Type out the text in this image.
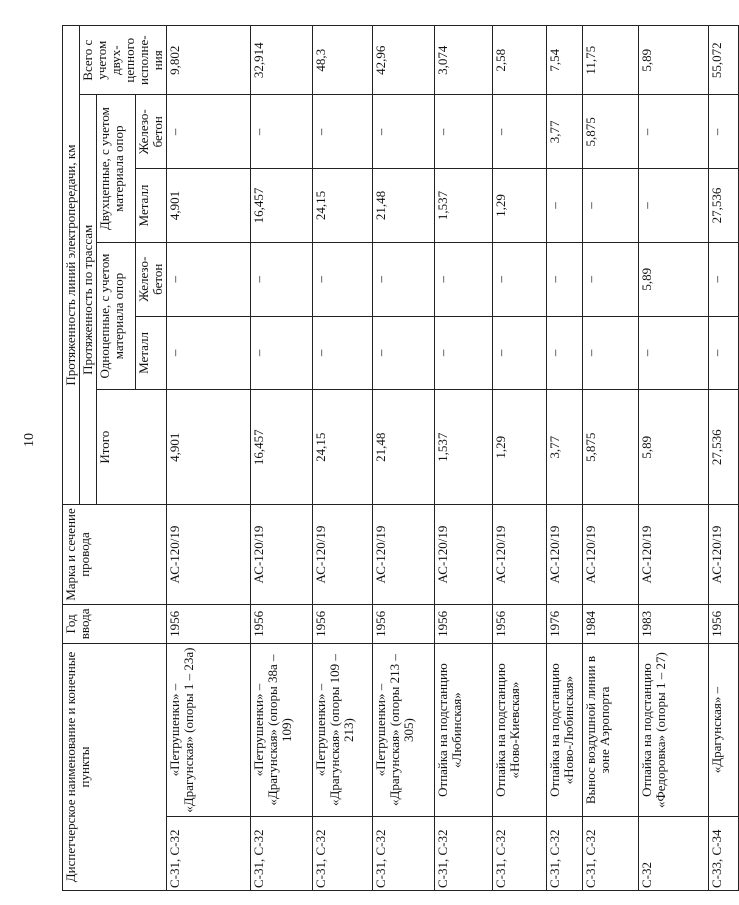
10
Диспетчерское наименование и конечные пункты		Год ввода	Марка и сечение провода	Протяженность линий электропередачи, км					
				Протяженность по трассам					Всего с учетом двух-цепного исполне-ния
				Итого	Одноцепные, с учетом материала опор		Двухцепные, с учетом материала опор		
					Металл	Железо-бетон	Металл	Железо-бетон	
С-31, С-32	«Петрушенки» – «Драгунская» (опоры 1 – 23а)	1956	АС-120/19	4,901	–	–	4,901	–	9,802
С-31, С-32	«Петрушенки» – «Драгунская» (опоры 38а – 109)	1956	АС-120/19	16,457	–	–	16,457	–	32,914
С-31, С-32	«Петрушенки» – «Драгунская» (опоры 109 – 213)	1956	АС-120/19	24,15	–	–	24,15	–	48,3
С-31, С-32	«Петрушенки» – «Драгунская» (опоры 213 – 305)	1956	АС-120/19	21,48	–	–	21,48	–	42,96
С-31, С-32	Отпайка на подстанцию «Любинская»	1956	АС-120/19	1,537	–	–	1,537	–	3,074
С-31, С-32	Отпайка на подстанцию «Ново-Киевская»	1956	АС-120/19	1,29	–	–	1,29	–	2,58
С-31, С-32	Отпайка на подстанцию «Ново-Любинская»	1976	АС-120/19	3,77	–	–	–	3,77	7,54
С-31, С-32	Вынос воздушной линии в зоне Аэропорта	1984	АС-120/19	5,875	–	–	–	5,875	11,75
С-32	Отпайка на подстанцию «Федоровка» (опоры 1 – 27)	1983	АС-120/19	5,89	–	5,89	–	–	5,89
С-33, С-34	«Драгунская» –	1956	АС-120/19	27,536	–	–	27,536	–	55,072
